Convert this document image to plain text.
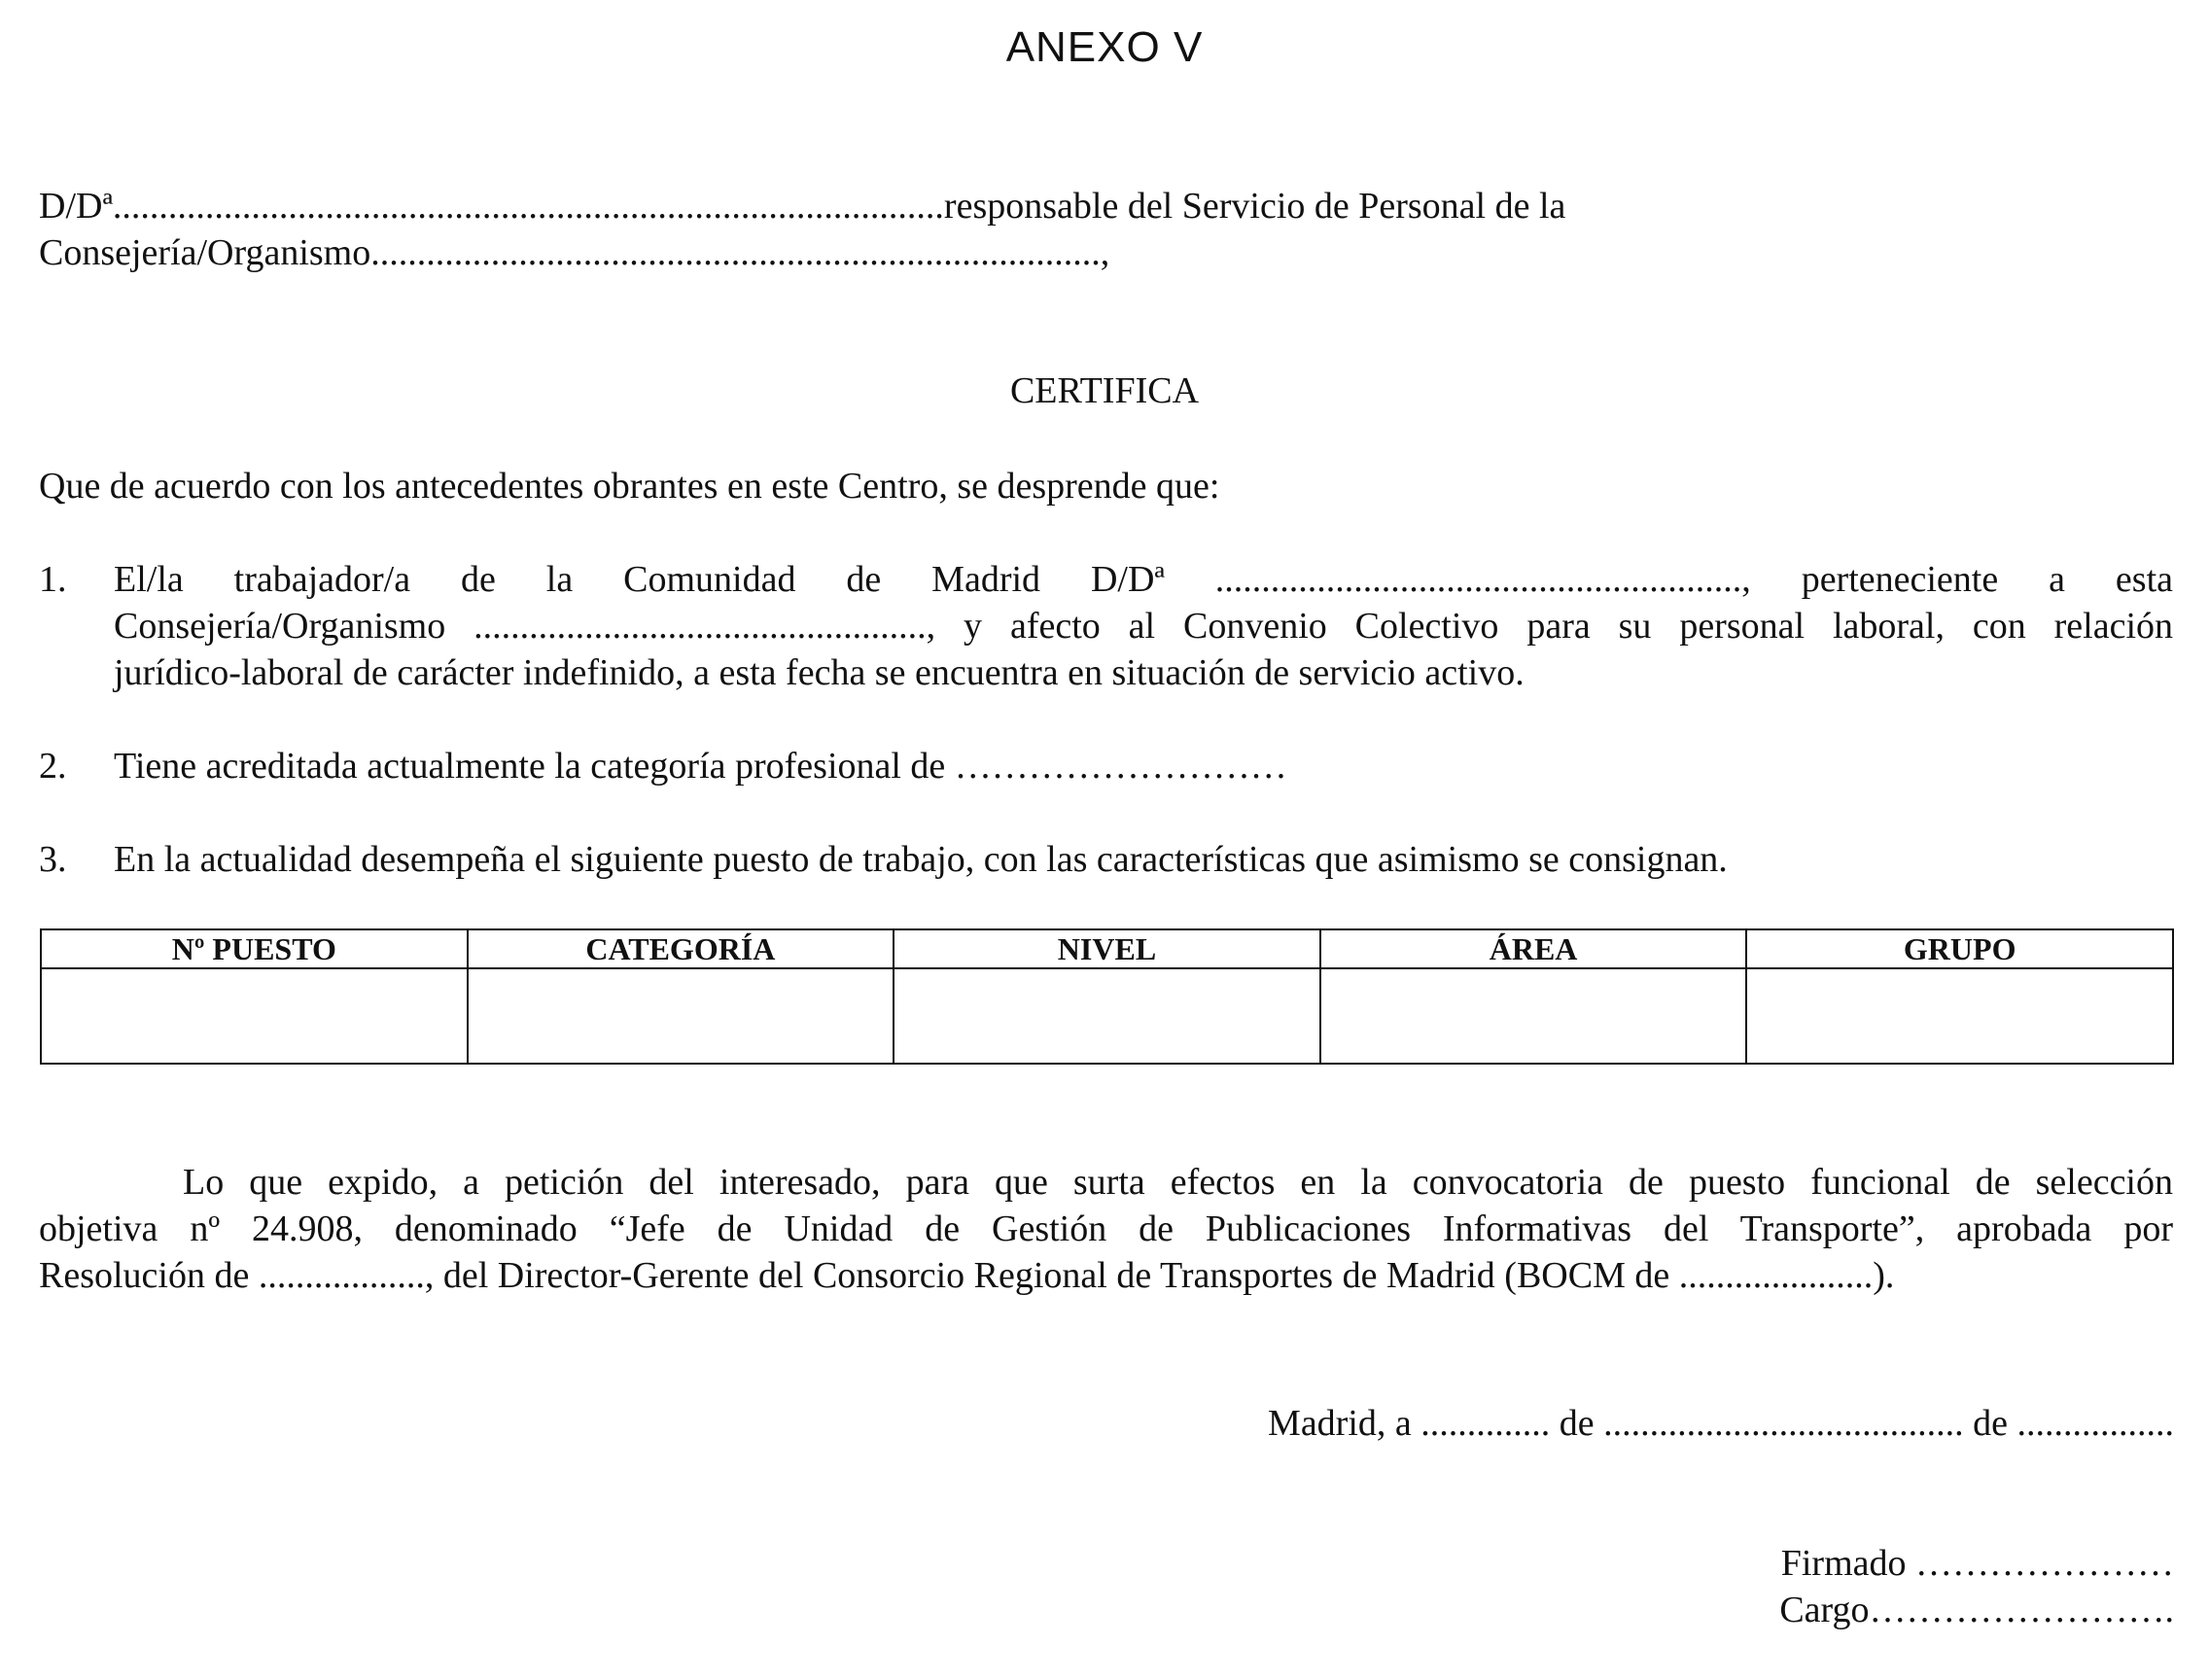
ANEXO V
D/Dª..........................................................................................responsable del Servicio de Personal de la
Consejería/Organismo...............................................................................,
CERTIFICA
Que de acuerdo con los antecedentes obrantes en este Centro, se desprende que:
1. El/la trabajador/a de la Comunidad de Madrid D/Dª ........................................................., perteneciente a esta
Consejería/Organismo ................................................., y afecto al Convenio Colectivo para su personal laboral, con relación
jurídico-laboral de carácter indefinido, a esta fecha se encuentra en situación de servicio activo.
2. Tiene acreditada actualmente la categoría profesional de ………………………
3. En la actualidad desempeña el siguiente puesto de trabajo, con las características que asimismo se consignan.
Nº PUESTO	CATEGORÍA	NIVEL	ÁREA	GRUPO

Lo que expido, a petición del interesado, para que surta efectos en la convocatoria de puesto funcional de selección
objetiva nº 24.908, denominado “Jefe de Unidad de Gestión de Publicaciones Informativas del Transporte”, aprobada por
Resolución de .................., del Director-Gerente del Consorcio Regional de Transportes de Madrid (BOCM de .....................).
Madrid, a .............. de ....................................... de .................
Firmado …………………
Cargo…………………….
